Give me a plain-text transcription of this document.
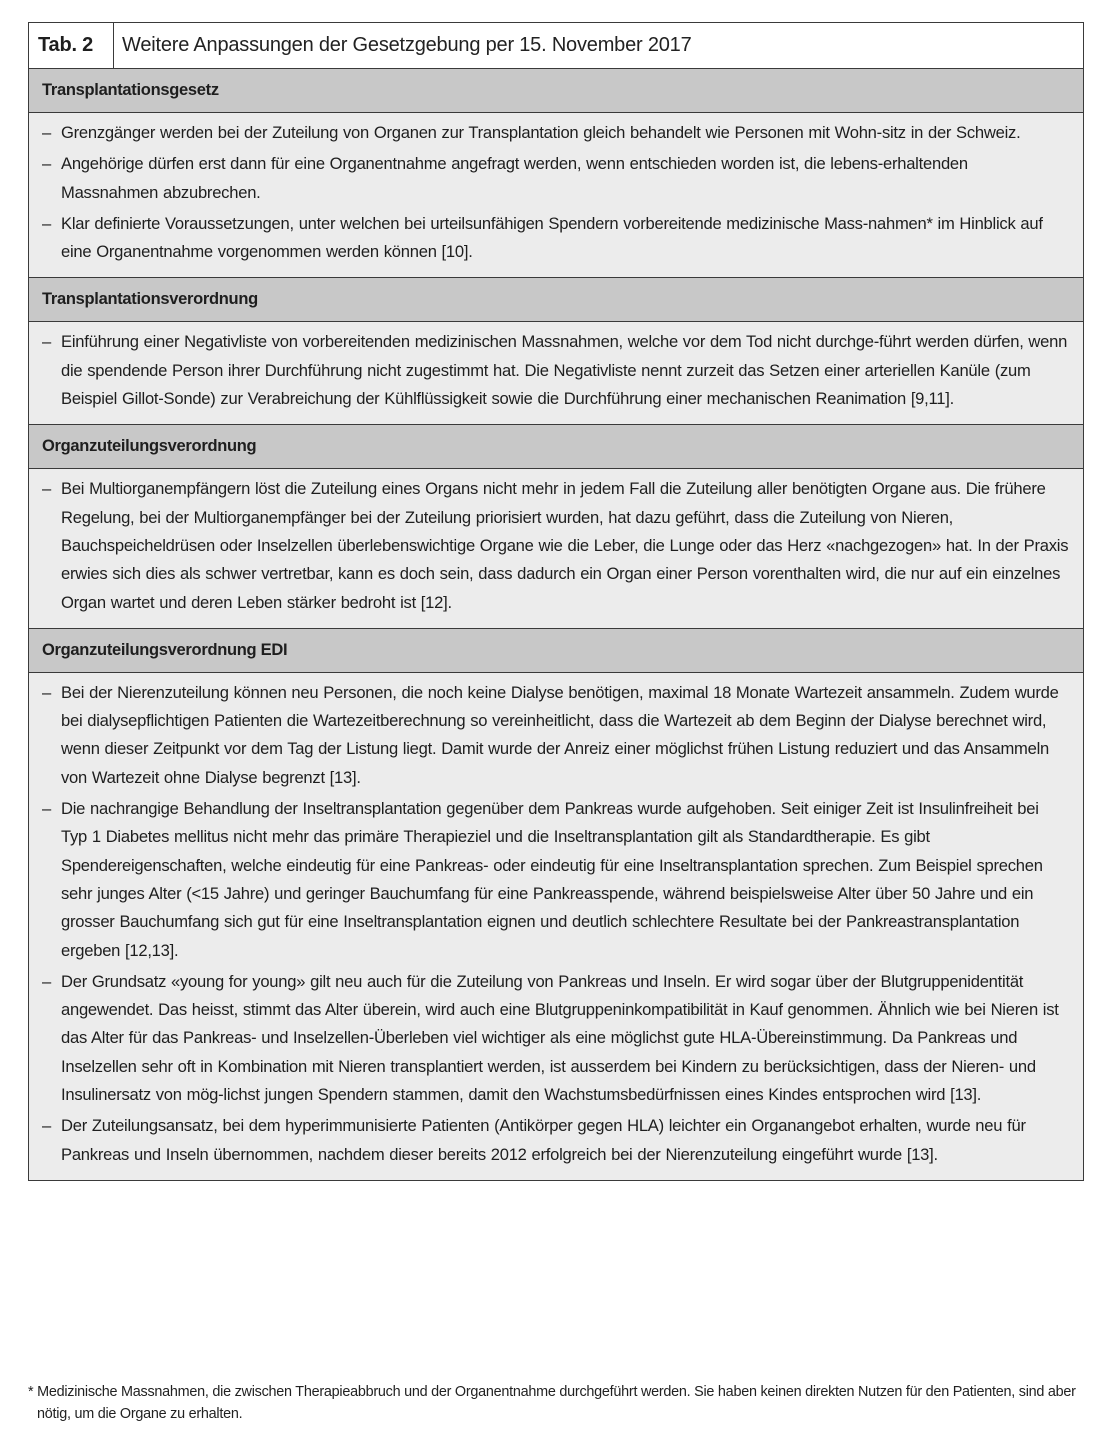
Tab. 2	Weitere Anpassungen der Gesetzgebung per 15. November 2017
Transplantationsgesetz
– Grenzgänger werden bei der Zuteilung von Organen zur Transplantation gleich behandelt wie Personen mit Wohn-sitz in der Schweiz.
– Angehörige dürfen erst dann für eine Organentnahme angefragt werden, wenn entschieden worden ist, die lebens-erhaltenden Massnahmen abzubrechen.
– Klar definierte Voraussetzungen, unter welchen bei urteilsunfähigen Spendern vorbereitende medizinische Mass-nahmen* im Hinblick auf eine Organentnahme vorgenommen werden können [10].
Transplantationsverordnung
– Einführung einer Negativliste von vorbereitenden medizinischen Massnahmen, welche vor dem Tod nicht durchge-führt werden dürfen, wenn die spendende Person ihrer Durchführung nicht zugestimmt hat. Die Negativliste nennt zurzeit das Setzen einer arteriellen Kanüle (zum Beispiel Gillot-Sonde) zur Verabreichung der Kühlflüssigkeit sowie die Durchführung einer mechanischen Reanimation [9,11].
Organzuteilungsverordnung
– Bei Multiorganempfängern löst die Zuteilung eines Organs nicht mehr in jedem Fall die Zuteilung aller benötigten Organe aus. Die frühere Regelung, bei der Multiorganempfänger bei der Zuteilung priorisiert wurden, hat dazu geführt, dass die Zuteilung von Nieren, Bauchspeicheldrüsen oder Inselzellen überlebenswichtige Organe wie die Leber, die Lunge oder das Herz «nachgezogen» hat. In der Praxis erwies sich dies als schwer vertretbar, kann es doch sein, dass dadurch ein Organ einer Person vorenthalten wird, die nur auf ein einzelnes Organ wartet und deren Leben stärker bedroht ist [12].
Organzuteilungsverordnung EDI
– Bei der Nierenzuteilung können neu Personen, die noch keine Dialyse benötigen, maximal 18 Monate Wartezeit ansammeln. Zudem wurde bei dialysepflichtigen Patienten die Wartezeitberechnung so vereinheitlicht, dass die Wartezeit ab dem Beginn der Dialyse berechnet wird, wenn dieser Zeitpunkt vor dem Tag der Listung liegt. Damit wurde der Anreiz einer möglichst frühen Listung reduziert und das Ansammeln von Wartezeit ohne Dialyse begrenzt [13].
– Die nachrangige Behandlung der Inseltransplantation gegenüber dem Pankreas wurde aufgehoben. Seit einiger Zeit ist Insulinfreiheit bei Typ 1 Diabetes mellitus nicht mehr das primäre Therapieziel und die Inseltransplantation gilt als Standardtherapie. Es gibt Spendereigenschaften, welche eindeutig für eine Pankreas- oder eindeutig für eine Inseltransplantation sprechen. Zum Beispiel sprechen sehr junges Alter (<15 Jahre) und geringer Bauchumfang für eine Pankreasspende, während beispielsweise Alter über 50 Jahre und ein grosser Bauchumfang sich gut für eine Inseltransplantation eignen und deutlich schlechtere Resultate bei der Pankreastransplantation ergeben [12,13].
– Der Grundsatz «young for young» gilt neu auch für die Zuteilung von Pankreas und Inseln. Er wird sogar über der Blutgruppenidentität angewendet. Das heisst, stimmt das Alter überein, wird auch eine Blutgruppeninkompatibilität in Kauf genommen. Ähnlich wie bei Nieren ist das Alter für das Pankreas- und Inselzellen-Überleben viel wichtiger als eine möglichst gute HLA-Übereinstimmung. Da Pankreas und Inselzellen sehr oft in Kombination mit Nieren transplantiert werden, ist ausserdem bei Kindern zu berücksichtigen, dass der Nieren- und Insulinersatz von mög-lichst jungen Spendern stammen, damit den Wachstumsbedürfnissen eines Kindes entsprochen wird [13].
– Der Zuteilungsansatz, bei dem hyperimmunisierte Patienten (Antikörper gegen HLA) leichter ein Organangebot erhalten, wurde neu für Pankreas und Inseln übernommen, nachdem dieser bereits 2012 erfolgreich bei der Nierenzuteilung eingeführt wurde [13].
* Medizinische Massnahmen, die zwischen Therapieabbruch und der Organentnahme durchgeführt werden. Sie haben keinen direkten Nutzen für den Patienten, sind aber nötig, um die Organe zu erhalten.
